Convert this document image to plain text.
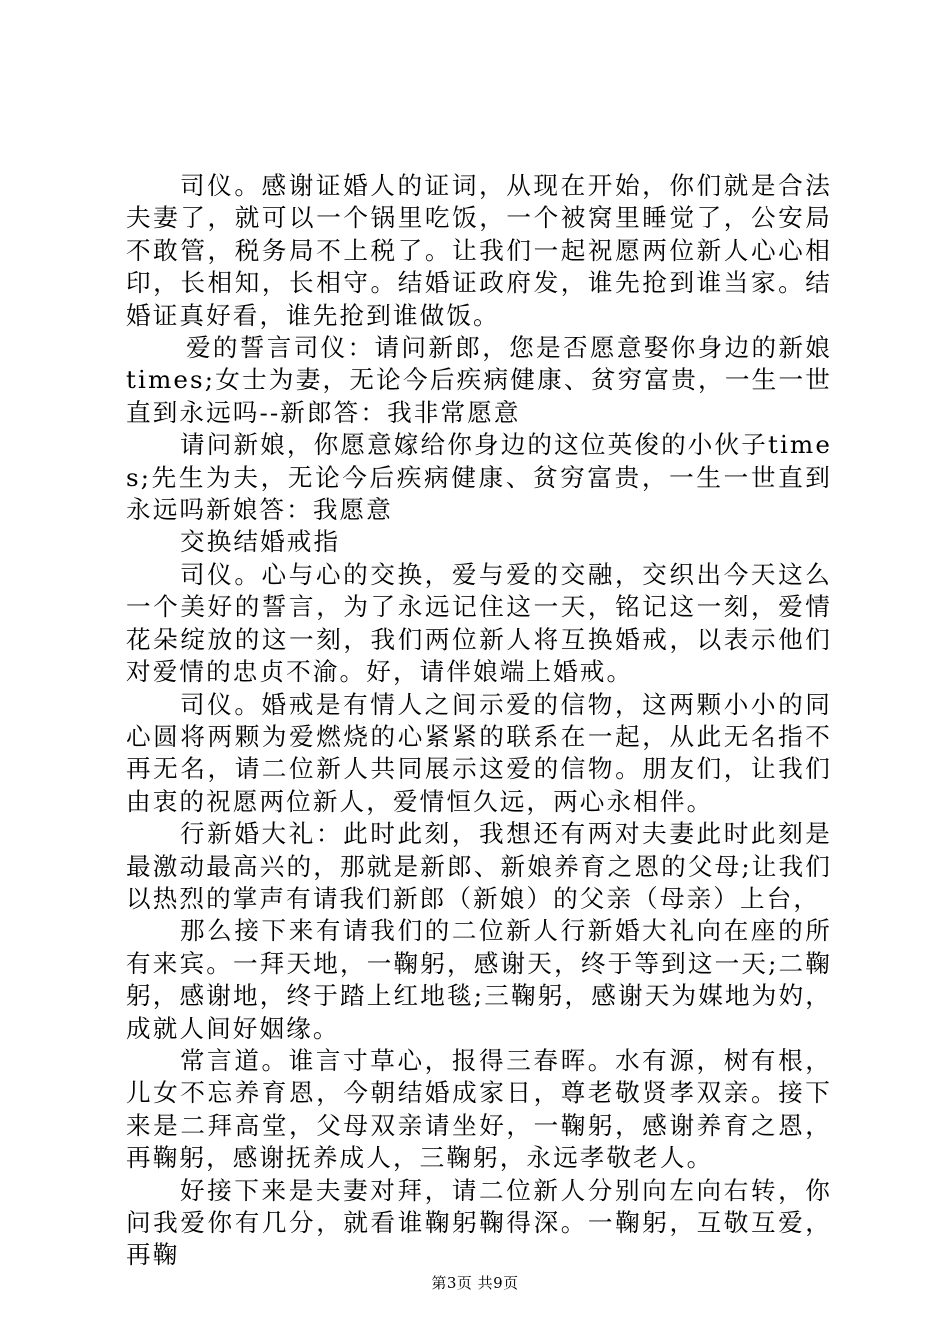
司仪。感谢证婚人的证词，从现在开始，你们就是合法夫妻了，就可以一个锅里吃饭，一个被窝里睡觉了，公安局不敢管，税务局不上税了。让我们一起祝愿两位新人心心相印，长相知，长相守。结婚证政府发，谁先抢到谁当家。结婚证真好看，谁先抢到谁做饭。

爱的誓言司仪：请问新郎，您是否愿意娶你身边的新娘times;女士为妻，无论今后疾病健康、贫穷富贵，一生一世直到永远吗--新郎答：我非常愿意

请问新娘，你愿意嫁给你身边的这位英俊的小伙子times;先生为夫，无论今后疾病健康、贫穷富贵，一生一世直到永远吗新娘答：我愿意

交换结婚戒指

司仪。心与心的交换，爱与爱的交融，交织出今天这么一个美好的誓言，为了永远记住这一天，铭记这一刻，爱情花朵绽放的这一刻，我们两位新人将互换婚戒，以表示他们对爱情的忠贞不渝。好，请伴娘端上婚戒。

司仪。婚戒是有情人之间示爱的信物，这两颗小小的同心圆将两颗为爱燃烧的心紧紧的联系在一起，从此无名指不再无名，请二位新人共同展示这爱的信物。朋友们，让我们由衷的祝愿两位新人，爱情恒久远，两心永相伴。

行新婚大礼：此时此刻，我想还有两对夫妻此时此刻是最激动最高兴的，那就是新郎、新娘养育之恩的父母;让我们以热烈的掌声有请我们新郎（新娘）的父亲（母亲）上台，

那么接下来有请我们的二位新人行新婚大礼向在座的所有来宾。一拜天地，一鞠躬，感谢天，终于等到这一天;二鞠躬，感谢地，终于踏上红地毯;三鞠躬，感谢天为媒地为妁，成就人间好姻缘。

常言道。谁言寸草心，报得三春晖。水有源，树有根，儿女不忘养育恩，今朝结婚成家日，尊老敬贤孝双亲。接下来是二拜高堂，父母双亲请坐好，一鞠躬，感谢养育之恩，再鞠躬，感谢抚养成人，三鞠躬，永远孝敬老人。

好接下来是夫妻对拜，请二位新人分别向左向右转，你问我爱你有几分，就看谁鞠躬鞠得深。一鞠躬，互敬互爱，再鞠

第3页 共9页
